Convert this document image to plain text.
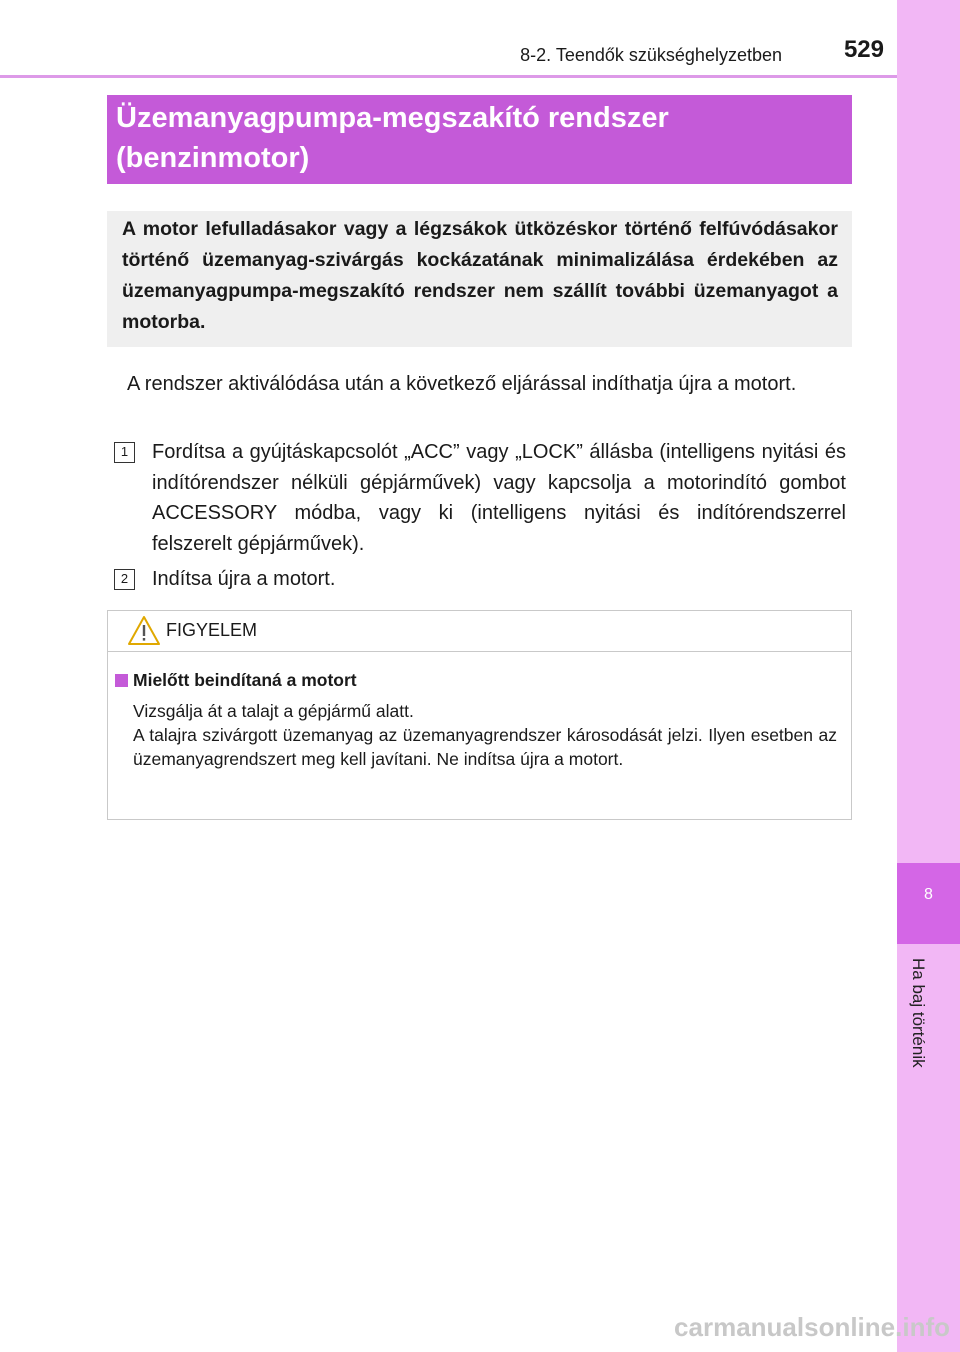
8
Ha baj történik
8-2. Teendők szükséghelyzetben	529
Üzemanyagpumpa-megszakító rendszer (benzinmotor)
A motor lefulladásakor vagy a légzsákok ütközéskor történő felfúvódásakor történő üzemanyag-szivárgás kockázatának minimalizálása érdekében az üzemanyagpumpa-megszakító rendszer nem szállít további üzemanyagot a motorba.
A rendszer aktiválódása után a következő eljárással indíthatja újra a motort.
1	Fordítsa a gyújtáskapcsolót „ACC” vagy „LOCK” állásba (intelligens nyitási és indítórendszer nélküli gépjárművek) vagy kapcsolja a motorindító gombot ACCESSORY módba, vagy ki (intelligens nyitási és indítórendszerrel felszerelt gépjárművek).
2	Indítsa újra a motort.
FIGYELEM
Mielőtt beindítaná a motort

Vizsgálja át a talajt a gépjármű alatt.

A talajra szivárgott üzemanyag az üzemanyagrendszer károsodását jelzi. Ilyen esetben az üzemanyagrendszert meg kell javítani. Ne indítsa újra a motort.

carmanualsonline.info
